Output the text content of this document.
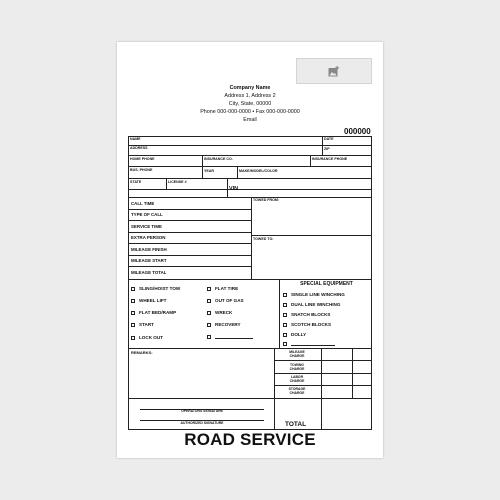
Company Name
Address 1, Address 2
City, State, 00000
Phone 000-000-0000 • Fax 000-000-0000
Email
000000
NAME	DATE
ADDRESS	ZIP
HOME PHONE	INSURANCE CO.	INSURANCE PHONE
BUS. PHONE	YEAR	MAKE/MODEL/COLOR
STATE	LICENSE #
VIN
CALL TIME
TYPE OF CALL
SERVICE TIME
EXTRA PERSON
MILEAGE FINISH
MILEAGE START
MILEAGE TOTAL
TOWED FROM:
TOWED TO:
SLING/HOIST TOW
WHEEL LIFT
FLAT BED/RAMP
START
LOCK OUT
FLAT TIRE
OUT OF GAS
WRECK
RECOVERY
SPECIAL EQUIPMENT
SINGLE LINE WINCHING
DUAL LINE WINCHING
SNATCH BLOCKS
SCOTCH BLOCKS
DOLLY
REMARKS:	MILEAGE
CHARGE
TOWING
CHARGE
LABOR
CHARGE
STORAGE
CHARGE
OPERATORS SIGNATURE
AUTHORIZED SIGNATURE	TOTAL
ROAD SERVICE
